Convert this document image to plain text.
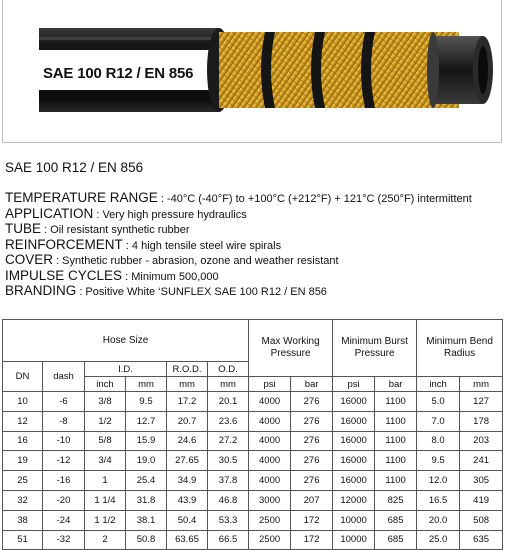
SAE 100 R12 / EN 856
SAE 100 R12 / EN 856
TEMPERATURE RANGE : -40°C (-40°F) to +100°C (+212°F) + 121°C (250°F) intermittent
APPLICATION : Very high pressure hydraulics
TUBE : Oil resistant synthetic rubber
REINFORCEMENT : 4 high tensile steel wire spirals
COVER : Synthetic rubber - abrasion, ozone and weather resistant
IMPULSE CYCLES : Minimum 500,000
BRANDING : Positive White ‘SUNFLEX SAE 100 R12 / EN 856
Hose Size						Max Working Pressure		Minimum Burst Pressure		Minimum Bend Radius	
DN	dash	I.D.		R.O.D.	O.D.						
		inch	mm	mm	mm	psi	bar	psi	bar	inch	mm
10	-6	3/8	9.5	17.2	20.1	4000	276	16000	1100	5.0	127
12	-8	1/2	12.7	20.7	23.6	4000	276	16000	1100	7.0	178
16	-10	5/8	15.9	24.6	27.2	4000	276	16000	1100	8.0	203
19	-12	3/4	19.0	27.65	30.5	4000	276	16000	1100	9.5	241
25	-16	1	25.4	34.9	37.8	4000	276	16000	1100	12.0	305
32	-20	1 1/4	31.8	43.9	46.8	3000	207	12000	825	16.5	419
38	-24	1 1/2	38.1	50.4	53.3	2500	172	10000	685	20.0	508
51	-32	2	50.8	63.65	66.5	2500	172	10000	685	25.0	635
